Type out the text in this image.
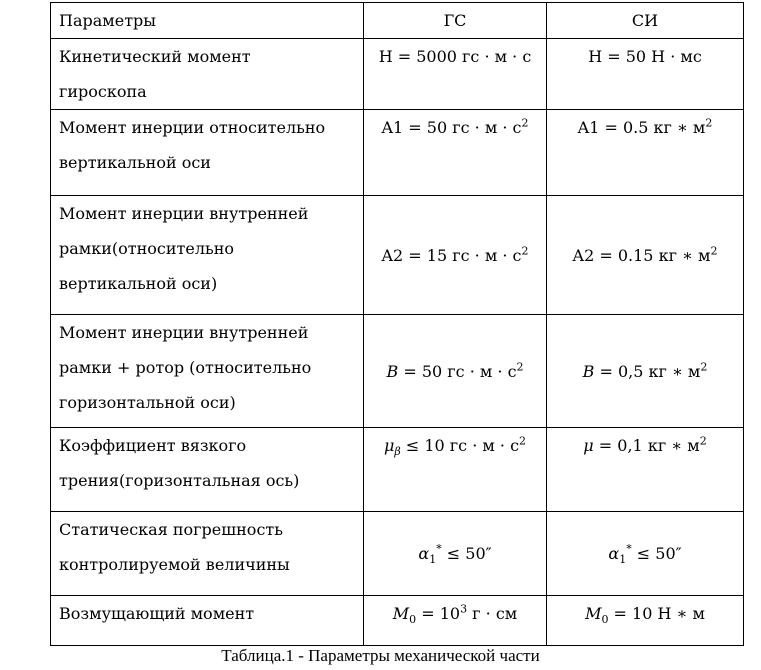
Параметры	ГС	СИ

Кинетический момент гироскопа	H = 5000 гс · м · с	H = 50 Н · мс

Момент инерции относительно вертикальной оси	A1 = 50 гс · $м \cdot с^2$	A1 = 0.5 кг ∗ $м^2$

Момент инерции внутренней рамки(относительно вертикальной оси)	A2 = 15 гс · $м \cdot с^2$	A2 = 0.15 кг ∗ $м^2$

Момент инерции внутренней рамки + ротор (относительно горизонтальной оси)	B = 50 гс · $м \cdot с^2$	B = 0,5 кг ∗ $м^2$

Коэффициент вязкого трения(горизонтальная ось)	$\mu_\beta \le 10$ гс · $м \cdot с^2$	μ = 0,1 кг ∗ $м^2$

Статическая погрешность контролируемой величины	$\alpha_1^* \le 50''$	$\alpha_1^* \le 50''$

Возмущающий момент	$M_0 = 10^3$ г · см	$M_0 = 10$ Н ∗ м
Таблица.1 - Параметры механической части
